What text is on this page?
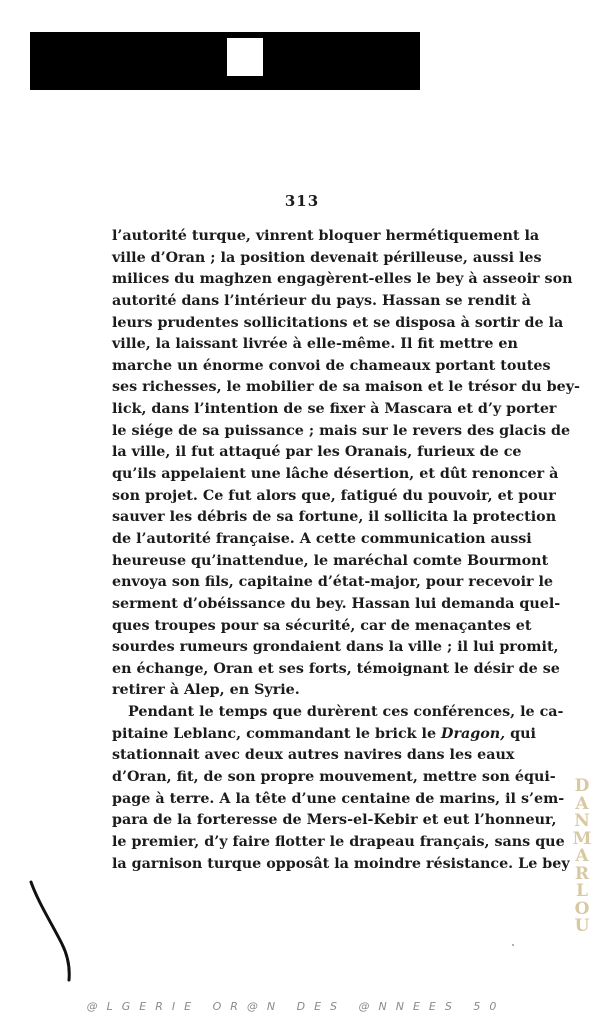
313
l’autorité turque, vinrent bloquer hermétiquement la
ville d’Oran ; la position devenait périlleuse, aussi les
milices du maghzen engagèrent-elles le bey à asseoir son
autorité dans l’intérieur du pays. Hassan se rendit à
leurs prudentes sollicitations et se disposa à sortir de la
ville, la laissant livrée à elle-même. Il fit mettre en
marche un énorme convoi de chameaux portant toutes
ses richesses, le mobilier de sa maison et le trésor du bey-
lick, dans l’intention de se fixer à Mascara et d’y porter
le siége de sa puissance ; mais sur le revers des glacis de
la ville, il fut attaqué par les Oranais, furieux de ce
qu’ils appelaient une lâche désertion, et dût renoncer à
son projet. Ce fut alors que, fatigué du pouvoir, et pour
sauver les débris de sa fortune, il sollicita la protection
de l’autorité française. A cette communication aussi
heureuse qu’inattendue, le maréchal comte Bourmont
envoya son fils, capitaine d’état-major, pour recevoir le
serment d’obéissance du bey. Hassan lui demanda quel-
ques troupes pour sa sécurité, car de menaçantes et
sourdes rumeurs grondaient dans la ville ; il lui promit,
en échange, Oran et ses forts, témoignant le désir de se
retirer à Alep, en Syrie.
Pendant le temps que durèrent ces conférences, le ca-
pitaine Leblanc, commandant le brick le Dragon, qui
stationnait avec deux autres navires dans les eaux
d’Oran, fit, de son propre mouvement, mettre son équi-
page à terre. A la tête d’une centaine de marins, il s’em-
para de la forteresse de Mers-el-Kebir et eut l’honneur,
le premier, d’y faire flotter le drapeau français, sans que
la garnison turque opposât la moindre résistance. Le bey
D
A
N
M
A
R
L
O
U
@LGERIE OR@N DES @NNEES 50
